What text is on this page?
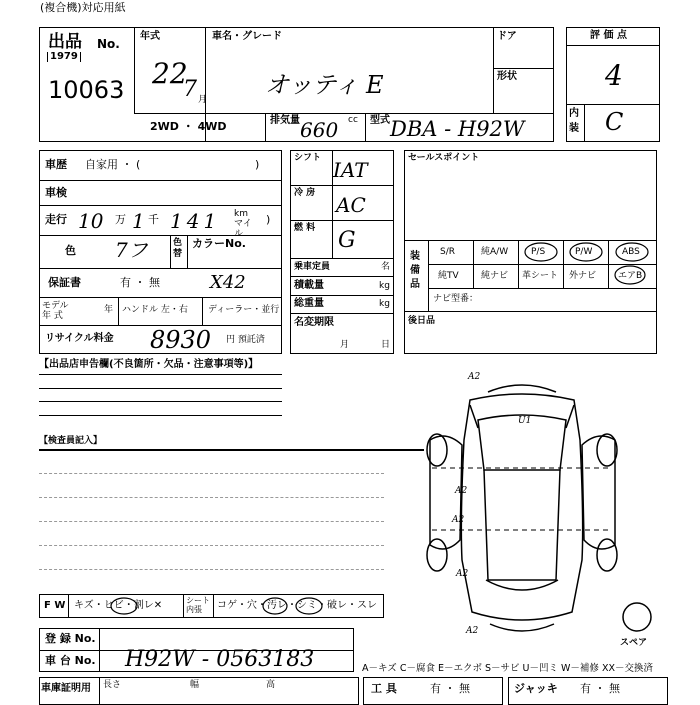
(複合機)対応用紙
出品 No.
1979
10063
年式
22
7 月
車名・グレード
オッティ E
ドア
形状
2WD ・ 4WD	排気量	cc
660	型式 DBA - H92W
評 価 点
4
内
装 C
車歴 自家用 ・ (	)
車検
走行 10 万 1 千 141 km マイル
)
色 7フ	色替
カラーNo.
X42
保証書	有 ・ 無
モデル 年 式
年 ハンドル 左・右 ディーラー・並行
リサイクル料金 8930 円 預託済
シフト IAT
冷 房 AC
燃 料 G
乗車定員	名
積載量	kg
総重量	kg
名変期限
月	日
セールスポイント
装 備 品
S/R	純A/W	P/S	P/W	ABS
純TV 純ナビ 革シート 外ナビ エアB
ナビ型番：
後日品
【出品店申告欄(不良箇所・欠品・注意事項等)】
【検査員記入】
F W キズ・ヒビ・割レ✕	シート 内張	コゲ・穴・汚レ・シミ・破レ・スレ
登 録 No.
車 台 No. H92W - 0563183	A－キズ C－腐食 E－エクボ S－サビ U－凹ミ W－補修 XX－交換済
車庫証明用 長さ	幅	高	工 具	有 ・ 無	ジャッキ 有 ・ 無
A2
U1
A2
A2
A2
A2
スペア
